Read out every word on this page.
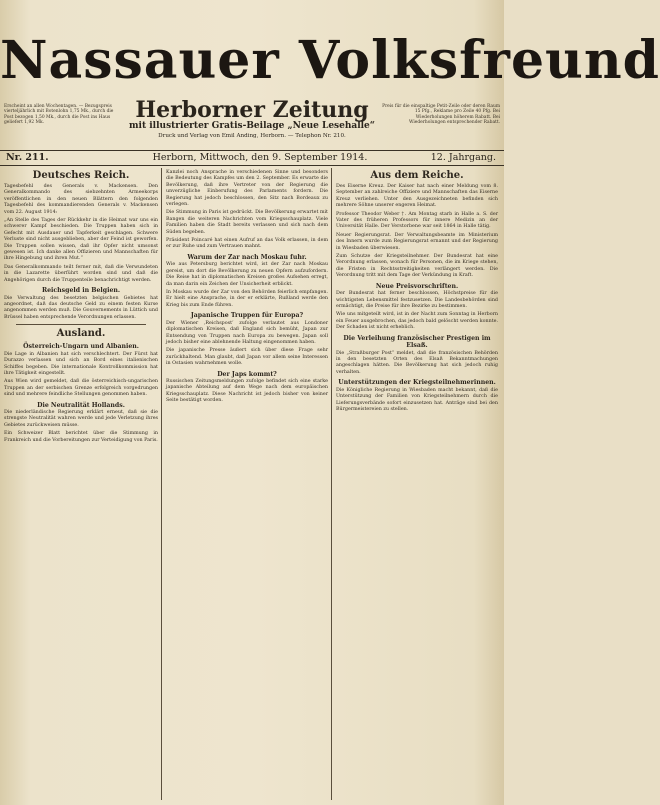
Nassauer Volksfreund
Erscheint an allen Wochentagen. — Bezugspreis vierteljährlich mit Botenlohn 1,75 Mk., durch die Post bezogen 1,50 Mk., durch die Post ins Haus geliefert 1,92 Mk.	Herborner Zeitung
mit illustrierter Gratis-Beilage „Neue Lesehalle“
Druck und Verlag von Emil Anding, Herborn. — Telephon Nr. 210.
Preis für die einspaltige Petit-Zeile oder deren Raum 15 Pfg., Reklame pro Zeile 40 Pfg. Bei Wiederholungen höherem Rabatt. Bei Wiederholungen entsprechender Rabatt.
Nr. 211.	Herborn, Mittwoch, den 9. September 1914.	12. Jahrgang.
Deutsches Reich.

Tagesbefehl des Generals v. Mackensen. Den Generalkommando des siebzehnten Armeekorps veröffentlichen in den neuen Blättern den folgenden Tagesbefehl des kommandierenden Generals v. Mackensen vom 22. August 1914:

„An Stelle des Tages der Rückkehr in die Heimat war uns ein schwerer Kampf beschieden. Die Truppen haben sich in Gefecht mit Ausdauer und Tapferkeit geschlagen. Schwere Verluste sind nicht ausgeblieben, aber der Feind ist geworfen. Die Truppen sollen wissen, daß ihr Opfer nicht umsonst gewesen ist. Ich danke allen Offizieren und Mannschaften für ihre Hingebung und ihren Mut.“

Das Generalkommando teilt ferner mit, daß die Verwundeten in die Lazarette überführt worden sind und daß die Angehörigen durch die Truppenteile benachrichtigt werden.

Reichsgeld in Belgien.

Die Verwaltung des besetzten belgischen Gebietes hat angeordnet, daß das deutsche Geld zu einem festen Kurse angenommen werden muß. Die Gouvernements in Lüttich und Brüssel haben entsprechende Verordnungen erlassen.

Ausland.
Österreich-Ungarn und Albanien.

Die Lage in Albanien hat sich verschlechtert. Der Fürst hat Durazzo verlassen und sich an Bord eines italienischen Schiffes begeben. Die internationale Kontrollkommission hat ihre Tätigkeit eingestellt.

Aus Wien wird gemeldet, daß die österreichisch-ungarischen Truppen an der serbischen Grenze erfolgreich vorgedrungen sind und mehrere feindliche Stellungen genommen haben.

Die Neutralität Hollands.

Die niederländische Regierung erklärt erneut, daß sie die strengste Neutralität wahren werde und jede Verletzung ihres Gebietes zurückweisen müsse.

Ein Schweizer Blatt berichtet über die Stimmung in Frankreich und die Vorbereitungen zur Verteidigung von Paris.

Kanzlei noch Ansprache in verschiedenen Sinne und besonders die Bedeutung des Kampfes um den 2. September. Es erwarte die Bevölkerung, daß ihre Vertreter von der Regierung die unverzügliche Einberufung des Parlaments fordern. Die Regierung hat jedoch beschlossen, den Sitz nach Bordeaux zu verlegen.

Die Stimmung in Paris ist gedrückt. Die Bevölkerung erwartet mit Bangen die weiteren Nachrichten vom Kriegsschauplatz. Viele Familien haben die Stadt bereits verlassen und sich nach dem Süden begeben.

Präsident Poincaré hat einen Aufruf an das Volk erlassen, in dem er zur Ruhe und zum Vertrauen mahnt.

Warum der Zar nach Moskau fuhr.

Wie aus Petersburg berichtet wird, ist der Zar nach Moskau gereist, um dort die Bevölkerung zu neuen Opfern aufzufordern. Die Reise hat in diplomatischen Kreisen großes Aufsehen erregt, da man darin ein Zeichen der Unsicherheit erblickt.

In Moskau wurde der Zar von den Behörden feierlich empfangen. Er hielt eine Ansprache, in der er erklärte, Rußland werde den Krieg bis zum Ende führen.

Japanische Truppen für Europa?

Der Wiener ‚Reichspost‘ zufolge verlautet aus Londoner diplomatischen Kreisen, daß England sich bemüht, Japan zur Entsendung von Truppen nach Europa zu bewegen. Japan soll jedoch bisher eine ablehnende Haltung eingenommen haben.

Die japanische Presse äußert sich über diese Frage sehr zurückhaltend. Man glaubt, daß Japan vor allem seine Interessen in Ostasien wahrnehmen wolle.

Der Japs kommt?

Russischen Zeitungsmeldungen zufolge befindet sich eine starke japanische Abteilung auf dem Wege nach dem europäischen Kriegsschauplatz. Diese Nachricht ist jedoch bisher von keiner Seite bestätigt worden.

Aus dem Reiche.

Des Eiserne Kreuz. Der Kaiser hat nach einer Meldung vom 8. September an zahlreiche Offiziere und Mannschaften das Eiserne Kreuz verliehen. Unter den Ausgezeichneten befinden sich mehrere Söhne unserer engeren Heimat.

Professor Theodor Weber †. Am Montag starb in Halle a. S. der Vater des früheren Professors für innere Medizin an der Universität Halle. Der Verstorbene war seit 1864 in Halle tätig.

Neuer Regierungsrat. Der Verwaltungsbeamte im Ministerium des Innern wurde zum Regierungsrat ernannt und der Regierung in Wiesbaden überwiesen.

Zum Schutze der Kriegsteilnehmer. Der Bundesrat hat eine Verordnung erlassen, wonach für Personen, die im Kriege stehen, die Fristen in Rechtsstreitigkeiten verlängert werden. Die Verordnung tritt mit dem Tage der Verkündung in Kraft.

Neue Preisvorschriften.

Der Bundesrat hat ferner beschlossen, Höchstpreise für die wichtigsten Lebensmittel festzusetzen. Die Landesbehörden sind ermächtigt, die Preise für ihre Bezirke zu bestimmen.

Wie uns mitgeteilt wird, ist in der Nacht zum Sonntag in Herborn ein Feuer ausgebrochen, das jedoch bald gelöscht werden konnte. Der Schaden ist nicht erheblich.

Die Verleihung französischer Prestigen im Elsaß.

Die „Straßburger Post“ meldet, daß die französischen Behörden in den besetzten Orten des Elsaß Bekanntmachungen angeschlagen hätten. Die Bevölkerung hat sich jedoch ruhig verhalten.

Unterstützungen der Kriegsteilnehmerinnen.

Die Königliche Regierung in Wiesbaden macht bekannt, daß die Unterstützung der Familien von Kriegsteilnehmern durch die Lieferungsverbände sofort einzusetzen hat. Anträge sind bei den Bürgermeistereien zu stellen.
